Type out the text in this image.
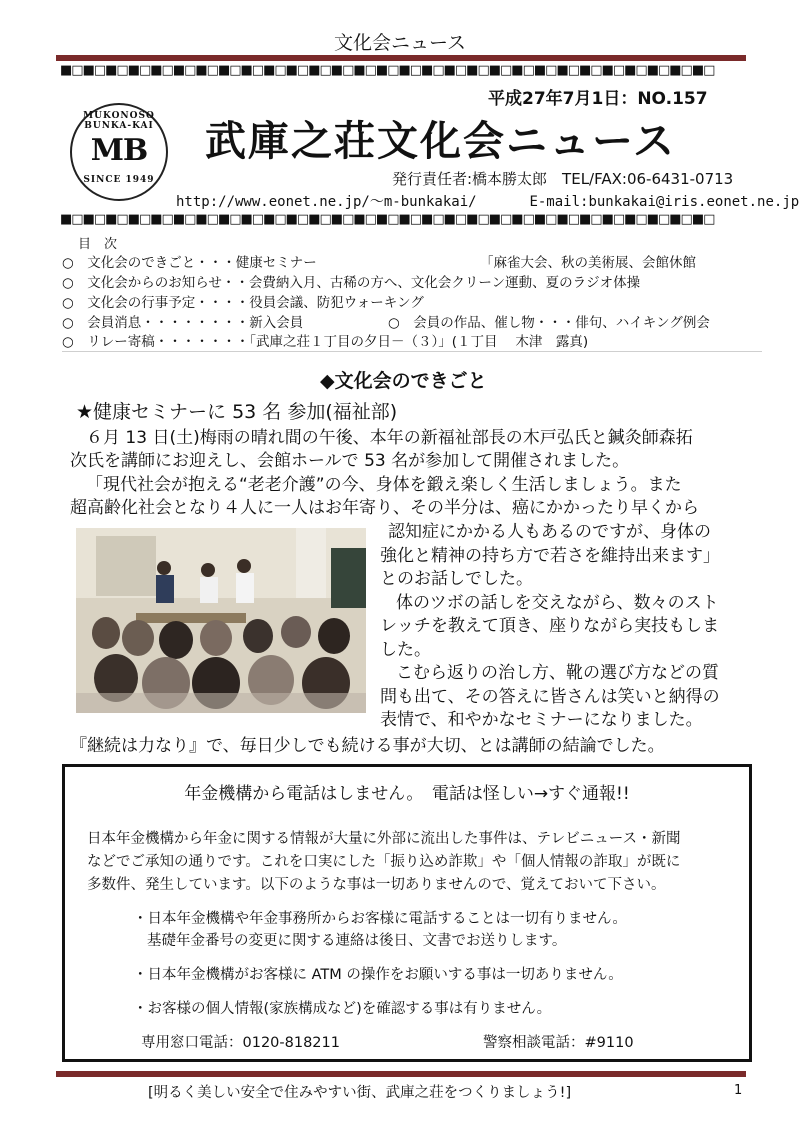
文化会ニュース
■□■□■□■□■□■□■□■□■□■□■□■□■□■□■□■□■□■□■□■□■□■□■□■□■□■□■□■□■□
平成27年7月1日：NO.157
MUKONOSO BUNKA-KAI
MB
SINCE 1949
武庫之荘文化会ニュース
発行責任者:橋本勝太郎　TEL/FAX:06-6431-0713
http://www.eonet.ne.jp/～m-bunkakai/	E-mail:bunkakai@iris.eonet.ne.jp
■□■□■□■□■□■□■□■□■□■□■□■□■□■□■□■□■□■□■□■□■□■□■□■□■□■□■□■□■□
目　次
○　文化会のできごと・・・健康セミナー	「麻雀大会、秋の美術展、会館休館
○　文化会からのお知らせ・・会費納入月、古稀の方へ、文化会クリーン運動、夏のラジオ体操
○　文化会の行事予定・・・・役員会議、防犯ウォーキング
○　会員消息・・・・・・・・新入会員	○　会員の作品、催し物・・・俳句、ハイキング例会
○　リレー寄稿・・・・・・・「武庫之荘１丁目の夕日－（３）」(１丁目　 木津　露真)
◆文化会のできごと
★健康セミナーに 53 名 参加(福祉部)
６月 13 日(土)梅雨の晴れ間の午後、本年の新福祉部長の木戸弘氏と鍼灸師森拓
次氏を講師にお迎えし、会館ホールで 53 名が参加して開催されました。
「現代社会が抱える“老老介護”の今、身体を鍛え楽しく生活しましょう。また
超高齢化社会となり４人に一人はお年寄り、その半分は、癌にかかったり早くから
認知症にかかる人もあるのですが、身体の
強化と精神の持ち方で若さを維持出来ます」
とのお話しでした。
体のツボの話しを交えながら、数々のスト
レッチを教えて頂き、座りながら実技もしま
した。
こむら返りの治し方、靴の選び方などの質
問も出て、その答えに皆さんは笑いと納得の
表情で、和やかなセミナーになりました。
『継続は力なり』で、毎日少しでも続ける事が大切、とは講師の結論でした。
年金機構から電話はしません。　電話は怪しい→すぐ通報!!
日本年金機構から年金に関する情報が大量に外部に流出した事件は、テレビニュース・新聞
などでご承知の通りです。これを口実にした「振り込め詐欺」や「個人情報の詐取」が既に
多数件、発生しています。以下のような事は一切ありませんので、覚えておいて下さい。
・日本年金機構や年金事務所からお客様に電話することは一切有りません。
基礎年金番号の変更に関する連絡は後日、文書でお送りします。
・日本年金機構がお客様に ATM の操作をお願いする事は一切ありません。
・お客様の個人情報(家族構成など)を確認する事は有りません。
専用窓口電話：0120-818211	警察相談電話：#9110
[明るく美しい安全で住みやすい街、武庫之荘をつくりましょう!]	1
